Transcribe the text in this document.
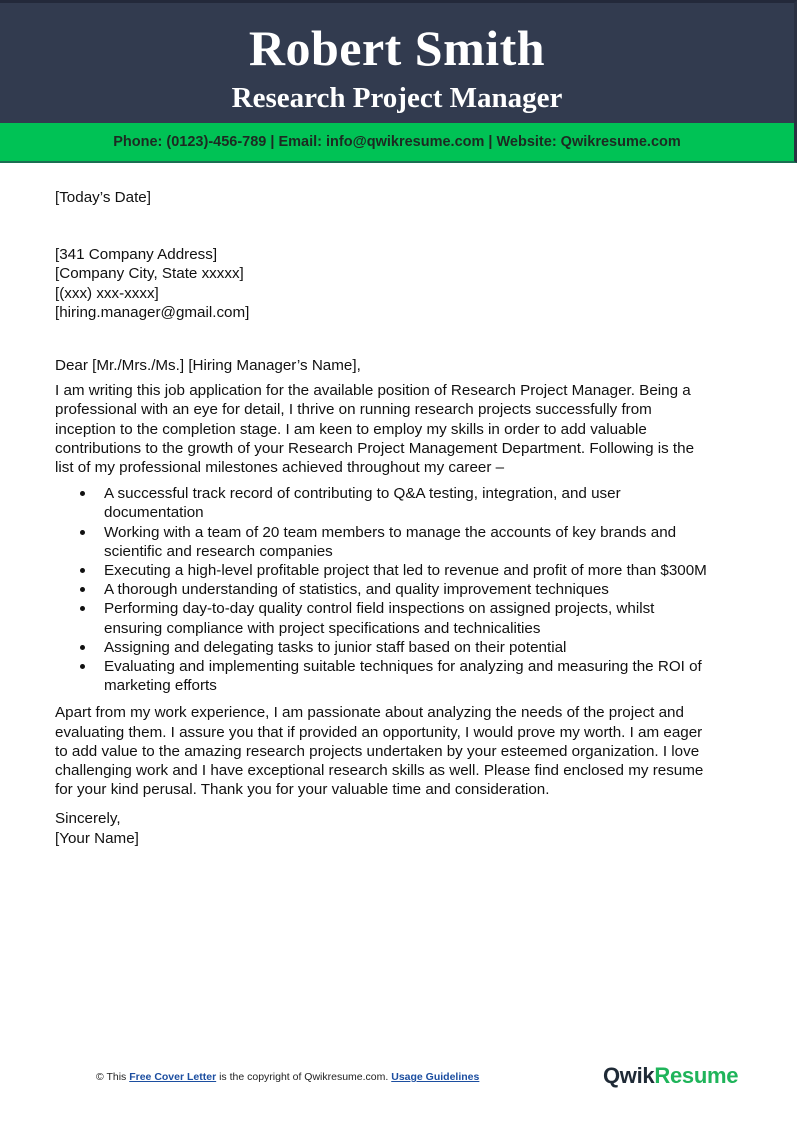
Robert Smith
Research Project Manager
Phone: (0123)-456-789 | Email: info@qwikresume.com | Website: Qwikresume.com
[Today’s Date]
[341 Company Address]
[Company City, State xxxxx]
[(xxx) xxx-xxxx]
[hiring.manager@gmail.com]
Dear [Mr./Mrs./Ms.] [Hiring Manager’s Name],
I am writing this job application for the available position of Research Project Manager. Being a
professional with an eye for detail, I thrive on running research projects successfully from
inception to the completion stage. I am keen to employ my skills in order to add valuable
contributions to the growth of your Research Project Management Department. Following is the
list of my professional milestones achieved throughout my career –
A successful track record of contributing to Q&A testing, integration, and user
documentation
Working with a team of 20 team members to manage the accounts of key brands and
scientific and research companies
Executing a high-level profitable project that led to revenue and profit of more than $300M
A thorough understanding of statistics, and quality improvement techniques
Performing day-to-day quality control field inspections on assigned projects, whilst
ensuring compliance with project specifications and technicalities
Assigning and delegating tasks to junior staff based on their potential
Evaluating and implementing suitable techniques for analyzing and measuring the ROI of
marketing efforts
Apart from my work experience, I am passionate about analyzing the needs of the project and
evaluating them. I assure you that if provided an opportunity, I would prove my worth. I am eager
to add value to the amazing research projects undertaken by your esteemed organization. I love
challenging work and I have exceptional research skills as well. Please find enclosed my resume
for your kind perusal. Thank you for your valuable time and consideration.
Sincerely,
[Your Name]
© This Free Cover Letter is the copyright of Qwikresume.com. Usage Guidelines	QwikResume
